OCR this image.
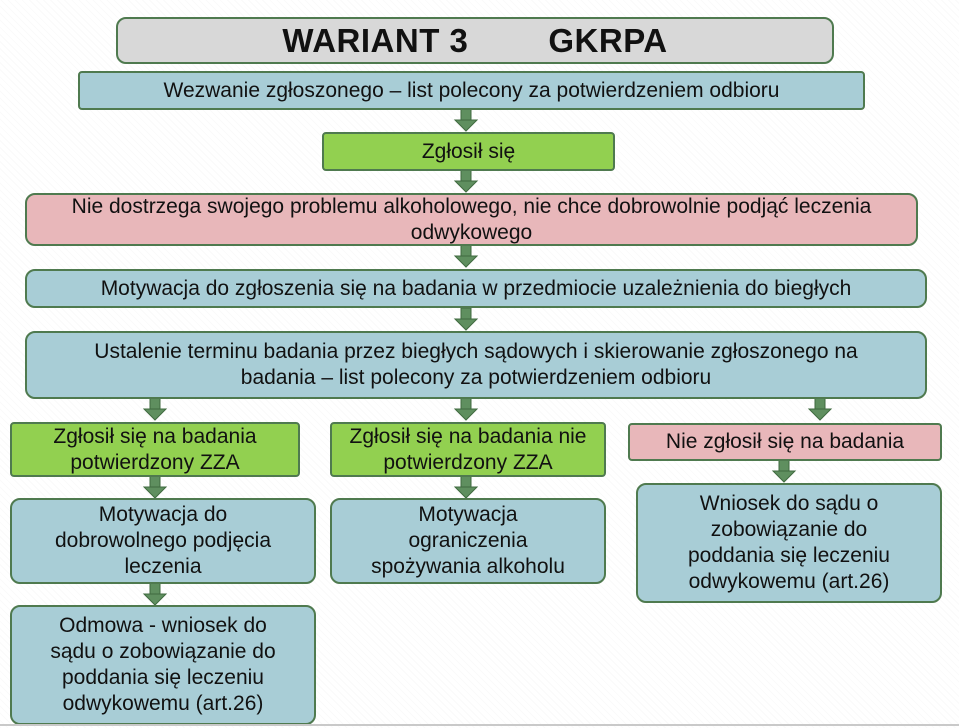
WARIANT 3 GKRPA
Wezwanie zgłoszonego – list polecony za potwierdzeniem odbioru
Zgłosił się
Nie dostrzega swojego problemu alkoholowego, nie chce dobrowolnie podjąć leczenia odwykowego
Motywacja do zgłoszenia się na badania w przedmiocie uzależnienia do biegłych
Ustalenie terminu badania przez biegłych sądowych i skierowanie zgłoszonego na badania – list polecony za potwierdzeniem odbioru
Zgłosił się na badania potwierdzony ZZA
Zgłosił się na badania nie potwierdzony ZZA
Nie zgłosił się na badania
Motywacja do dobrowolnego podjęcia leczenia
Motywacja ograniczenia spożywania alkoholu
Wniosek do sądu o zobowiązanie do poddania się leczeniu odwykowemu (art.26)
Odmowa - wniosek do sądu o zobowiązanie do poddania się leczeniu odwykowemu (art.26)
